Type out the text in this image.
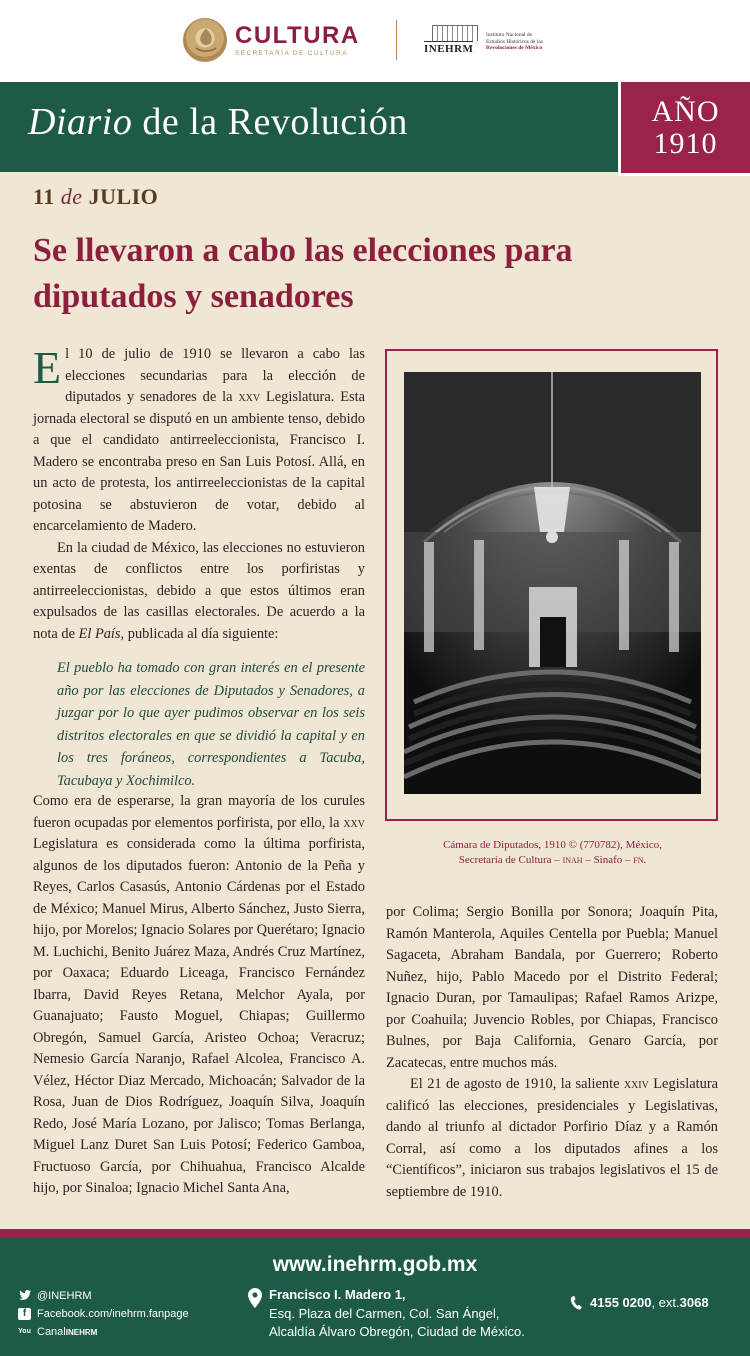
CULTURA
SECRETARÍA DE CULTURA	INEHRM
Instituto Nacional de
Estudios Históricos de las
Revoluciones de México
Diario de la Revolución	AÑO
1910
11 de JULIO
Se llevaron a cabo las elecciones para diputados y senadores

El 10 de julio de 1910 se llevaron a cabo las elecciones secundarias para la elección de diputados y senadores de la xxv Legislatura. Esta jornada electoral se disputó en un ambiente tenso, debido a que el candidato antirreeleccionista, Francisco I. Madero se encontraba preso en San Luis Potosí. Allá, en un acto de protesta, los antirreeleccionistas de la capital potosina se abstuvieron de votar, debido al encarcelamiento de Madero.

En la ciudad de México, las elecciones no estuvieron exentas de conflictos entre los porfiristas y antirreeleccionistas, debido a que estos últimos eran expulsados de las casillas electorales. De acuerdo a la nota de El País, publicada al día siguiente:

El pueblo ha tomado con gran interés en el presente año por las elecciones de Diputados y Senadores, a juzgar por lo que ayer pudimos observar en los seis distritos electorales en que se dividió la capital y en los tres foráneos, correspondientes a Tacuba, Tacubaya y Xochimilco.

Como era de esperarse, la gran mayoría de los curules fueron ocupadas por elementos porfirista, por ello, la xxv Legislatura es considerada como la última porfirista, algunos de los diputados fueron: Antonio de la Peña y Reyes, Carlos Casasús, Antonio Cárdenas por el Estado de México; Manuel Mirus, Alberto Sánchez, Justo Sierra, hijo, por Morelos; Ignacio Solares por Querétaro; Ignacio M. Luchichi, Benito Juárez Maza, Andrés Cruz Martínez, por Oaxaca; Eduardo Liceaga, Francisco Fernández Ibarra, David Reyes Retana, Melchor Ayala, por Guanajuato; Fausto Moguel, Chiapas; Guillermo Obregón, Samuel García, Aristeo Ochoa; Veracruz; Nemesio García Naranjo, Rafael Alcolea, Francisco A. Vélez, Héctor Diaz Mercado, Michoacán; Salvador de la Rosa, Juan de Dios Rodríguez, Joaquín Silva, Joaquín Redo, José María Lozano, por Jalisco; Tomas Berlanga, Miguel Lanz Duret San Luis Potosí; Federico Gamboa, Fructuoso García, por Chihuahua, Francisco Alcalde hijo, por Sinaloa; Ignacio Michel Santa Ana,

Cámara de Diputados, 1910 © (770782), México,
Secretaría de Cultura – inah – Sinafo – fn.

por Colima; Sergio Bonilla por Sonora; Joaquín Pita, Ramón Manterola, Aquiles Centella por Puebla; Manuel Sagaceta, Abraham Bandala, por Guerrero; Roberto Nuñez, hijo, Pablo Macedo por el Distrito Federal; Ignacio Duran, por Tamaulipas; Rafael Ramos Arizpe, por Coahuila; Juvencio Robles, por Chiapas, Francisco Bulnes, por Baja California, Genaro García, por Zacatecas, entre muchos más.

El 21 de agosto de 1910, la saliente xxiv Legislatura calificó las elecciones, presidenciales y Legislativas, dando al triunfo al dictador Porfirio Díaz y a Ramón Corral, así como a los diputados afines a los “Científicos”, iniciaron sus trabajos legislativos el 15 de septiembre de 1910.

www.inehrm.gob.mx
@INEHRM
f Facebook.com/inehrm.fanpage
You Canal inehrm
Francisco I. Madero 1,
Esq. Plaza del Carmen, Col. San Ángel,
Alcaldía Álvaro Obregón, Ciudad de México.
4155 0200 , ext. 3068
